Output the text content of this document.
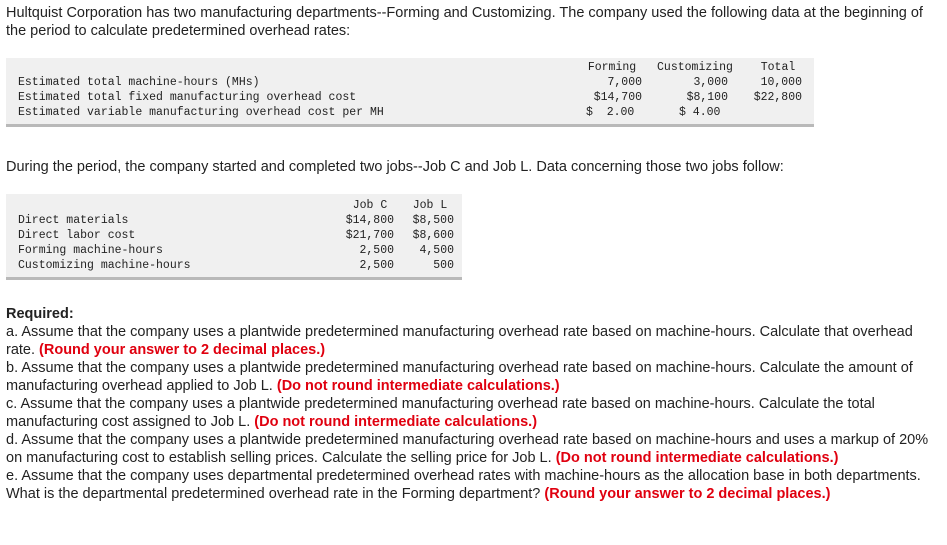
Hultquist Corporation has two manufacturing departments--Forming and Customizing. The company used the following data at the beginning of the period to calculate predetermined overhead rates:
Forming	Customizing	Total
Estimated total machine-hours (MHs)	7,000	3,000	10,000
Estimated total fixed manufacturing overhead cost	$14,700	$8,100	$22,800
Estimated variable manufacturing overhead cost per MH	$  2.00	$ 4.00
During the period, the company started and completed two jobs--Job C and Job L. Data concerning those two jobs follow:
Job C	Job L
Direct materials	$14,800	$8,500
Direct labor cost	$21,700	$8,600
Forming machine-hours	2,500	4,500
Customizing machine-hours	2,500	500
Required:
a. Assume that the company uses a plantwide predetermined manufacturing overhead rate based on machine-hours. Calculate that overhead rate. (Round your answer to 2 decimal places.)
b. Assume that the company uses a plantwide predetermined manufacturing overhead rate based on machine-hours. Calculate the amount of manufacturing overhead applied to Job L. (Do not round intermediate calculations.)
c. Assume that the company uses a plantwide predetermined manufacturing overhead rate based on machine-hours. Calculate the total manufacturing cost assigned to Job L. (Do not round intermediate calculations.)
d. Assume that the company uses a plantwide predetermined manufacturing overhead rate based on machine-hours and uses a markup of 20% on manufacturing cost to establish selling prices. Calculate the selling price for Job L. (Do not round intermediate calculations.)
e. Assume that the company uses departmental predetermined overhead rates with machine-hours as the allocation base in both departments. What is the departmental predetermined overhead rate in the Forming department? (Round your answer to 2 decimal places.)
